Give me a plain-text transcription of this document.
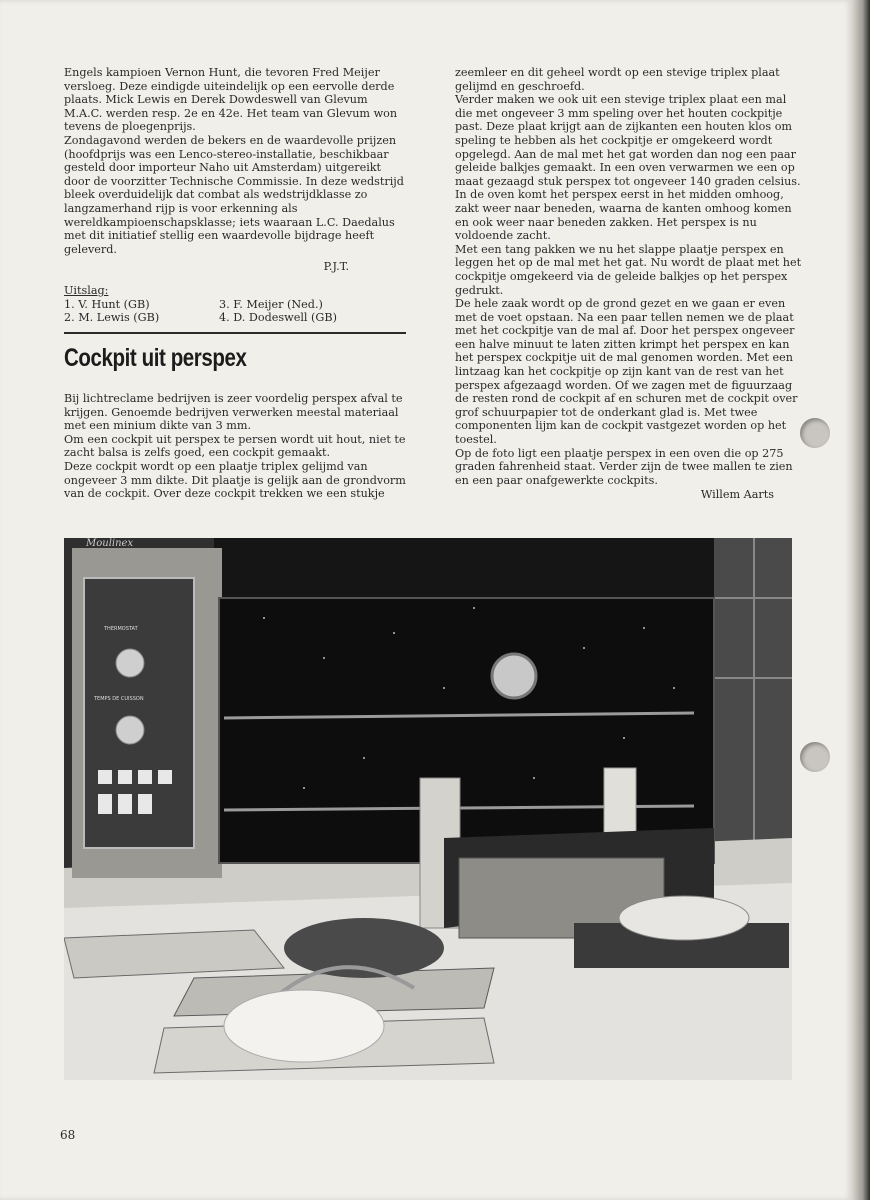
Engels kampioen Vernon Hunt, die tevoren Fred Meijer versloeg. Deze eindigde uiteindelijk op een eervolle derde plaats. Mick Lewis en Derek Dowdeswell van Glevum M.A.C. werden resp. 2e en 42e. Het team van Glevum won tevens de ploegenprijs.

Zondagavond werden de bekers en de waardevolle prijzen (hoofdprijs was een Lenco-stereo-installatie, beschikbaar gesteld door importeur Naho uit Amsterdam) uitgereikt door de voorzitter Technische Commissie. In deze wedstrijd bleek overduidelijk dat combat als wedstrijdklasse zo langzamerhand rijp is voor erkenning als wereldkampioenschapsklasse; iets waaraan L.C. Daedalus met dit initiatief stellig een waardevolle bijdrage heeft geleverd.

P.J.T.

Uitslag:

1. V. Hunt (GB)	3. F. Meijer (Ned.)
2. M. Lewis (GB)	4. D. Dodeswell (GB)
Cockpit uit perspex

Bij lichtreclame bedrijven is zeer voordelig perspex afval te krijgen. Genoemde bedrijven verwerken meestal materiaal met een minium dikte van 3 mm.

Om een cockpit uit perspex te persen wordt uit hout, niet te zacht balsa is zelfs goed, een cockpit gemaakt.

Deze cockpit wordt op een plaatje triplex gelijmd van ongeveer 3 mm dikte. Dit plaatje is gelijk aan de grondvorm van de cockpit. Over deze cockpit trekken we een stukje

zeemleer en dit geheel wordt op een stevige triplex plaat gelijmd en geschroefd.

Verder maken we ook uit een stevige triplex plaat een mal die met ongeveer 3 mm speling over het houten cockpitje past. Deze plaat krijgt aan de zijkanten een houten klos om speling te hebben als het cockpitje er omgekeerd wordt opgelegd. Aan de mal met het gat worden dan nog een paar geleide balkjes gemaakt. In een oven verwarmen we een op maat gezaagd stuk perspex tot ongeveer 140 graden celsius. In de oven komt het perspex eerst in het midden omhoog, zakt weer naar beneden, waarna de kanten omhoog komen en ook weer naar beneden zakken. Het perspex is nu voldoende zacht.

Met een tang pakken we nu het slappe plaatje perspex en leggen het op de mal met het gat. Nu wordt de plaat met het cockpitje omgekeerd via de geleide balkjes op het perspex gedrukt.

De hele zaak wordt op de grond gezet en we gaan er even met de voet opstaan. Na een paar tellen nemen we de plaat met het cockpitje van de mal af. Door het perspex ongeveer een halve minuut te laten zitten krimpt het perspex en kan het perspex cockpitje uit de mal genomen worden. Met een lintzaag kan het cockpitje op zijn kant van de rest van het perspex afgezaagd worden. Of we zagen met de figuurzaag de resten rond de cockpit af en schuren met de cockpit over grof schuurpapier tot de onderkant glad is. Met twee componenten lijm kan de cockpit vastgezet worden op het toestel.

Op de foto ligt een plaatje perspex in een oven die op 275 graden fahrenheid staat. Verder zijn de twee mallen te zien en een paar onafgewerkte cockpits.

Willem Aarts
Moulinex
THERMOSTAT
TEMPS DE CUISSON
68
